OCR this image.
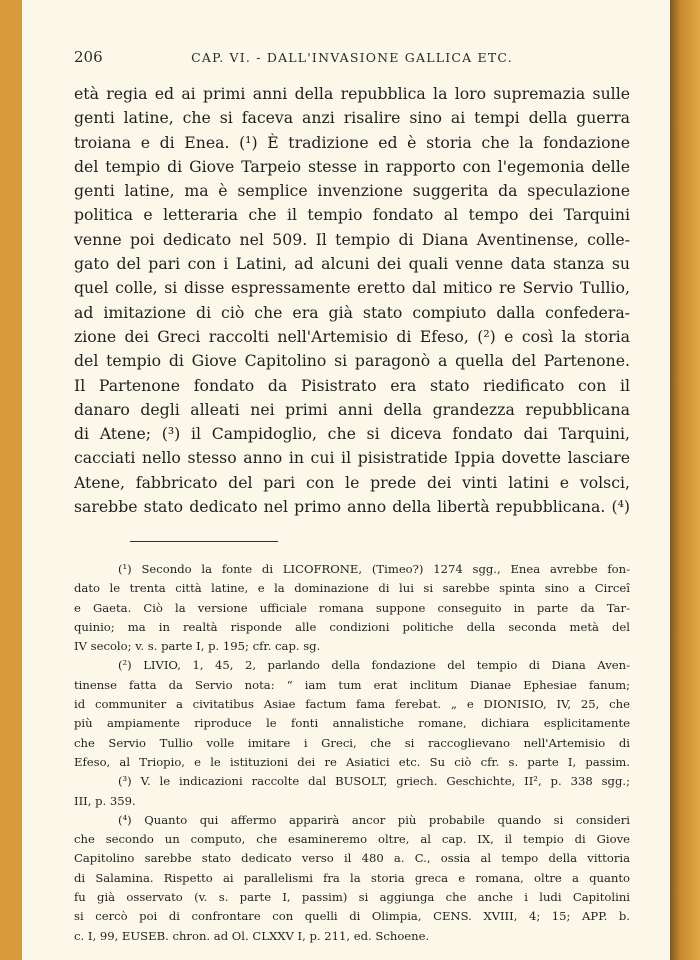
206	CAP. VI. - DALL'INVASIONE GALLICA ETC.
età regia ed ai primi anni della repubblica la loro supremazia sulle
genti latine, che si faceva anzi risalire sino ai tempi della guerra
troiana e di Enea. (¹) È tradizione ed è storia che la fondazione
del tempio di Giove Tarpeio stesse in rapporto con l'egemonia delle
genti latine, ma è semplice invenzione suggerita da speculazione
politica e letteraria che il tempio fondato al tempo dei Tarquini
venne poi dedicato nel 509. Il tempio di Diana Aventinense, colle-
gato del pari con i Latini, ad alcuni dei quali venne data stanza su
quel colle, si disse espressamente eretto dal mitico re Servio Tullio,
ad imitazione di ciò che era già stato compiuto dalla confedera-
zione dei Greci raccolti nell'Artemisio di Efeso, (²) e così la storia
del tempio di Giove Capitolino si paragonò a quella del Partenone.
Il Partenone fondato da Pisistrato era stato riedificato con il
danaro degli alleati nei primi anni della grandezza repubblicana
di Atene; (³) il Campidoglio, che si diceva fondato dai Tarquini,
cacciati nello stesso anno in cui il pisistratide Ippia dovette lasciare
Atene, fabbricato del pari con le prede dei vinti latini e volsci,
sarebbe stato dedicato nel primo anno della libertà repubblicana. (⁴)
(¹) Secondo la fonte di LICOFRONE, (Timeo?) 1274 sgg., Enea avrebbe fon-
dato le trenta città latine, e la dominazione di lui si sarebbe spinta sino a Circeî
e Gaeta. Ciò la versione ufficiale romana suppone conseguito in parte da Tar-
quinio; ma in realtà risponde alle condizioni politiche della seconda metà del
IV secolo; v. s. parte I, p. 195; cfr. cap. sg.
(²) LIVIO, 1, 45, 2, parlando della fondazione del tempio di Diana Aven-
tinense fatta da Servio nota: “ iam tum erat inclitum Dianae Ephesiae fanum;
id communiter a civitatibus Asiae factum fama ferebat. „ e DIONISIO, IV, 25, che
più ampiamente riproduce le fonti annalistiche romane, dichiara esplicitamente
che Servio Tullio volle imitare i Greci, che si raccoglievano nell'Artemisio di
Efeso, al Triopio, e le istituzioni dei re Asiatici etc. Su ciò cfr. s. parte I, passim.
(³) V. le indicazioni raccolte dal BUSOLT, griech. Geschichte, II², p. 338 sgg.;
III, p. 359.
(⁴) Quanto qui affermo apparirà ancor più probabile quando si consideri
che secondo un computo, che esamineremo oltre, al cap. IX, il tempio di Giove
Capitolino sarebbe stato dedicato verso il 480 a. C., ossia al tempo della vittoria
di Salamina. Rispetto ai parallelismi fra la storia greca e romana, oltre a quanto
fu già osservato (v. s. parte I, passim) si aggiunga che anche i ludi Capitolini
si cercò poi di confrontare con quelli di Olimpia, CENS. XVIII, 4; 15; APP. b.
c. I, 99, EUSEB. chron. ad Ol. CLXXV I, p. 211, ed. Schoene.
